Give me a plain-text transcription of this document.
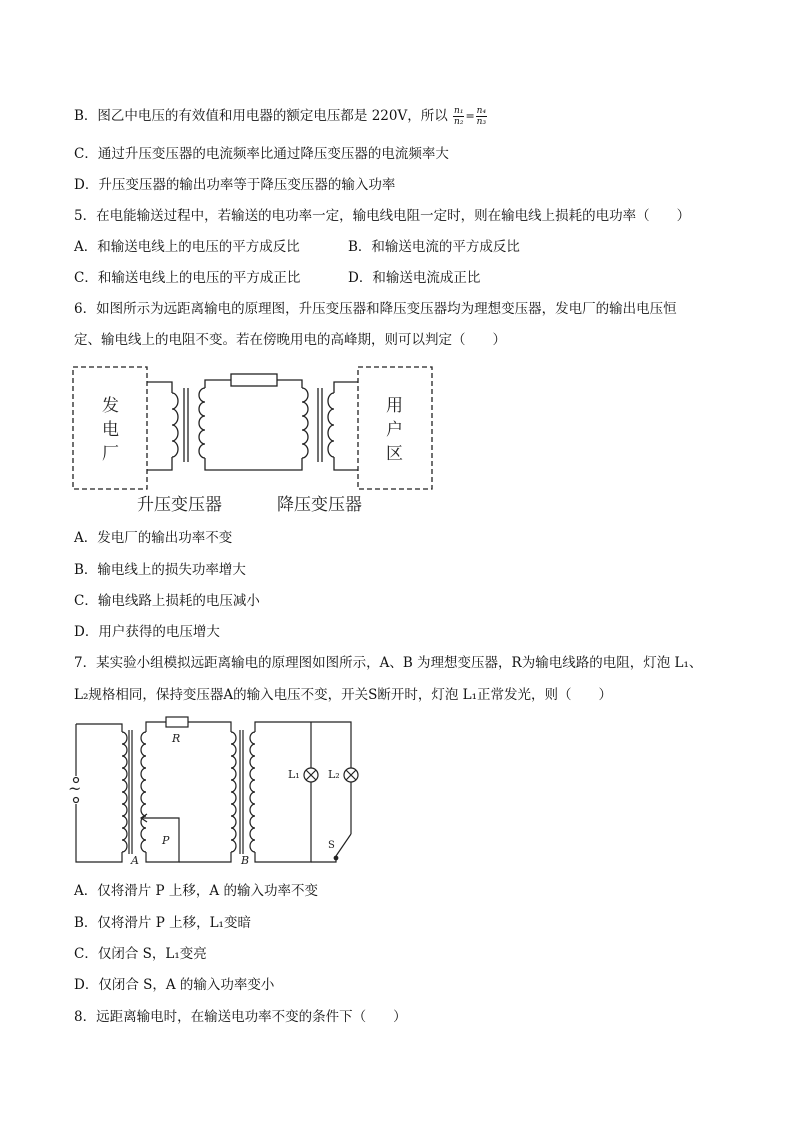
B．图乙中电压的有效值和用电器的额定电压都是 220V，所以 $\frac{\text{n₁}}{\text{n₂}} = \frac{\text{n₄}}{\text{n₃}}$
C．通过升压变压器的电流频率比通过降压变压器的电流频率大
D．升压变压器的输出功率等于降压变压器的输入功率
5．在电能输送过程中，若输送的电功率一定，输电线电阻一定时，则在输电线上损耗的电功率（　　）
A．和输送电线上的电压的平方成反比	B．和输送电流的平方成反比
C．和输送电线上的电压的平方成正比	D．和输送电流成正比
6．如图所示为远距离输电的原理图，升压变压器和降压变压器均为理想变压器，发电厂的输出电压恒
定、输电线上的电阻不变。若在傍晚用电的高峰期，则可以判定（　　）
发
电
厂
用
户
区
升压变压器	降压变压器
A．发电厂的输出功率不变
B．输电线上的损失功率增大
C．输电线路上损耗的电压减小
D．用户获得的电压增大
7．某实验小组模拟远距离输电的原理图如图所示，A、B 为理想变压器，R为输电线路的电阻，灯泡 L₁、
L₂规格相同，保持变压器A的输入电压不变，开关S断开时，灯泡 L₁正常发光，则（　　）
~
R
P
A	B
L₁	L₂
S
A．仅将滑片 P 上移，A 的输入功率不变
B．仅将滑片 P 上移，L₁变暗
C．仅闭合 S，L₁变亮
D．仅闭合 S，A 的输入功率变小
8．远距离输电时，在输送电功率不变的条件下（　　）
